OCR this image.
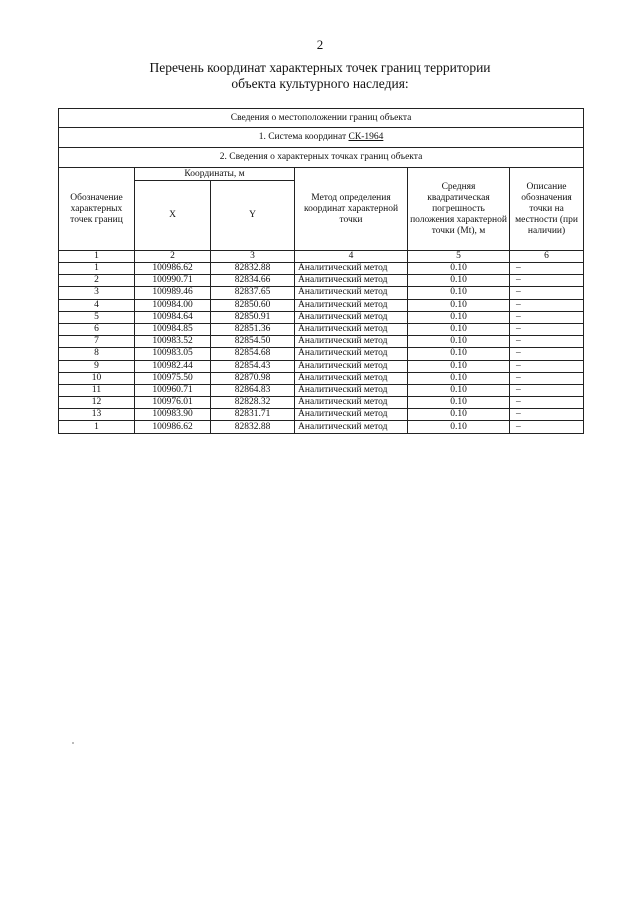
2
Перечень координат характерных точек границ территории
объекта культурного наследия:
Сведения о местоположении границ объекта					
1. Система координат СК-1964					
2. Сведения о характерных точках границ объекта					
Обозначение характерных точек границ	Координаты, м		Метод определения координат характерной точки	Средняя квадратическая погрешность положения характерной точки (Mt), м	Описание обозначения точки на местности (при наличии)
	X	Y			
1	2	3	4	5	6
1	100986.62	82832.88	Аналитический метод	0.10	–
2	100990.71	82834.66	Аналитический метод	0.10	–
3	100989.46	82837.65	Аналитический метод	0.10	–
4	100984.00	82850.60	Аналитический метод	0.10	–
5	100984.64	82850.91	Аналитический метод	0.10	–
6	100984.85	82851.36	Аналитический метод	0.10	–
7	100983.52	82854.50	Аналитический метод	0.10	–
8	100983.05	82854.68	Аналитический метод	0.10	–
9	100982.44	82854.43	Аналитический метод	0.10	–
10	100975.50	82870.98	Аналитический метод	0.10	–
11	100960.71	82864.83	Аналитический метод	0.10	–
12	100976.01	82828.32	Аналитический метод	0.10	–
13	100983.90	82831.71	Аналитический метод	0.10	–
1	100986.62	82832.88	Аналитический метод	0.10	–
